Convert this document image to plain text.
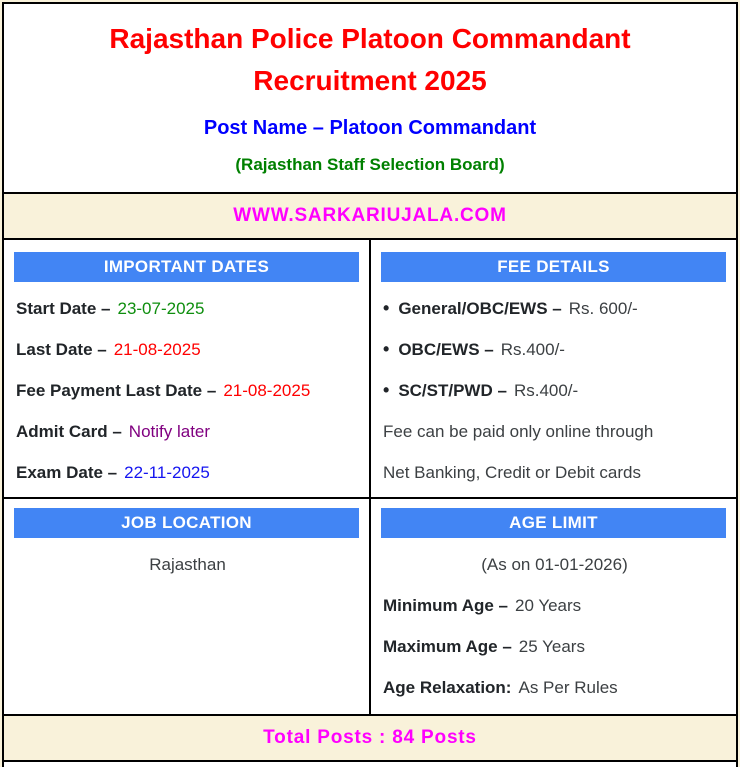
Rajasthan Police Platoon Commandant
Recruitment 2025
Post Name – Platoon Commandant
(Rajasthan Staff Selection Board)
WWW.SARKARIUJALA.COM
IMPORTANT DATES
Start Date – 23-07-2025
Last Date – 21-08-2025
Fee Payment Last Date – 21-08-2025
Admit Card – Notify later
Exam Date – 22-11-2025
FEE DETAILS
• General/OBC/EWS – Rs. 600/-
• OBC/EWS – Rs.400/-
• SC/ST/PWD – Rs.400/-
Fee can be paid only online through
Net Banking, Credit or Debit cards
JOB LOCATION
Rajasthan
AGE LIMIT
(As on 01-01-2026)
Minimum Age – 20 Years
Maximum Age – 25 Years
Age Relaxation: As Per Rules
Total Posts : 84 Posts
